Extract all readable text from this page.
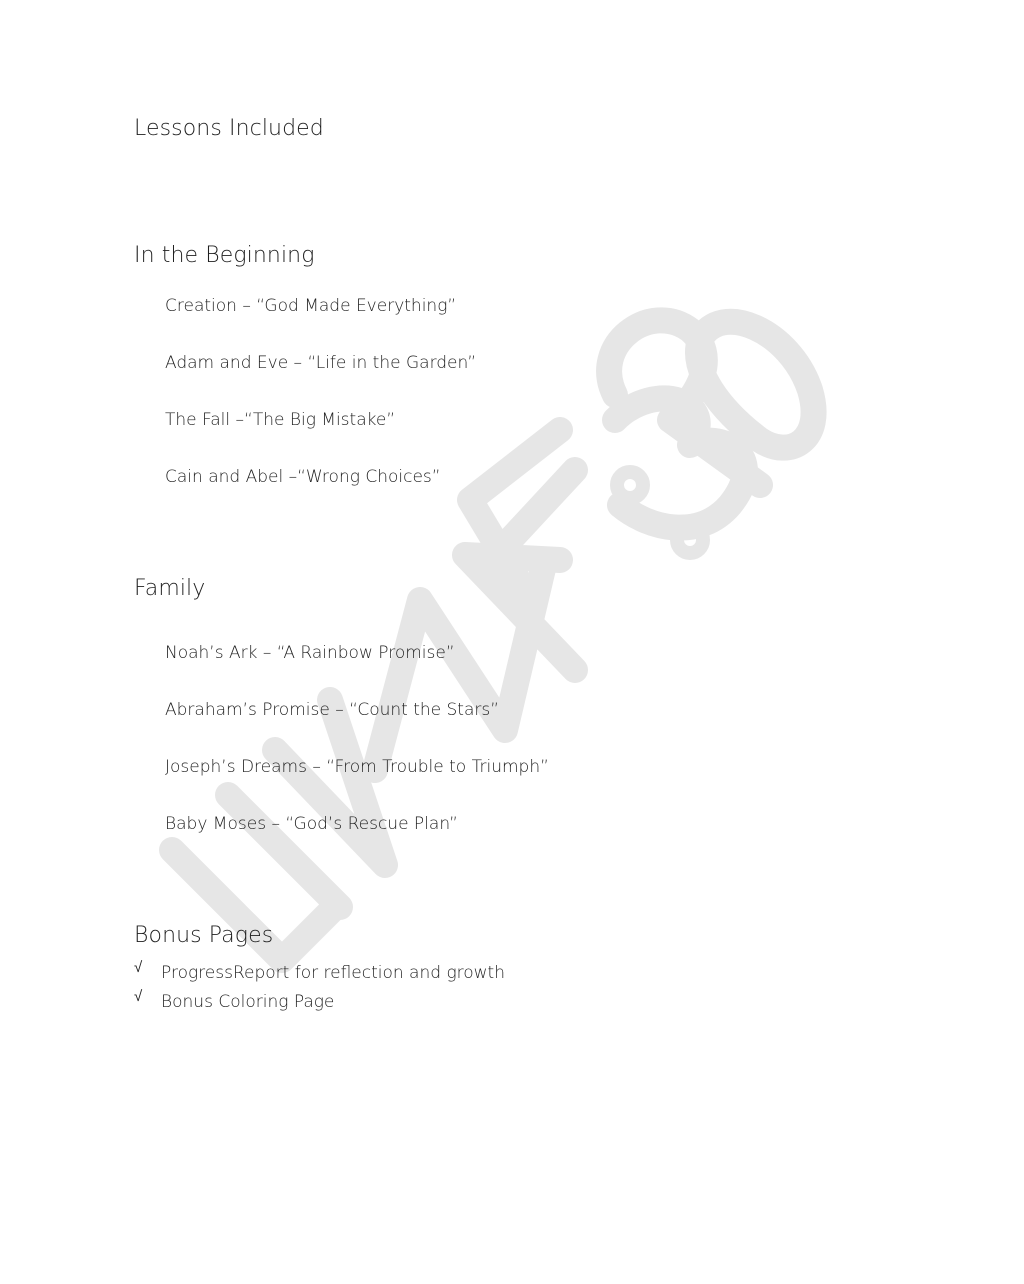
Lessons Included
In the Beginning

Creation – “God Made Everything”

Adam and Eve – “Life in the Garden”

The Fall –“The Big Mistake”

Cain and Abel –“Wrong Choices”

Family

Noah’s Ark – “A Rainbow Promise”

Abraham’s Promise – “Count the Stars”

Joseph’s Dreams – “From Trouble to Triumph”

Baby Moses – “God’s Rescue Plan”

Bonus Pages
√	ProgressReport for reflection and growth
√	Bonus Coloring Page
